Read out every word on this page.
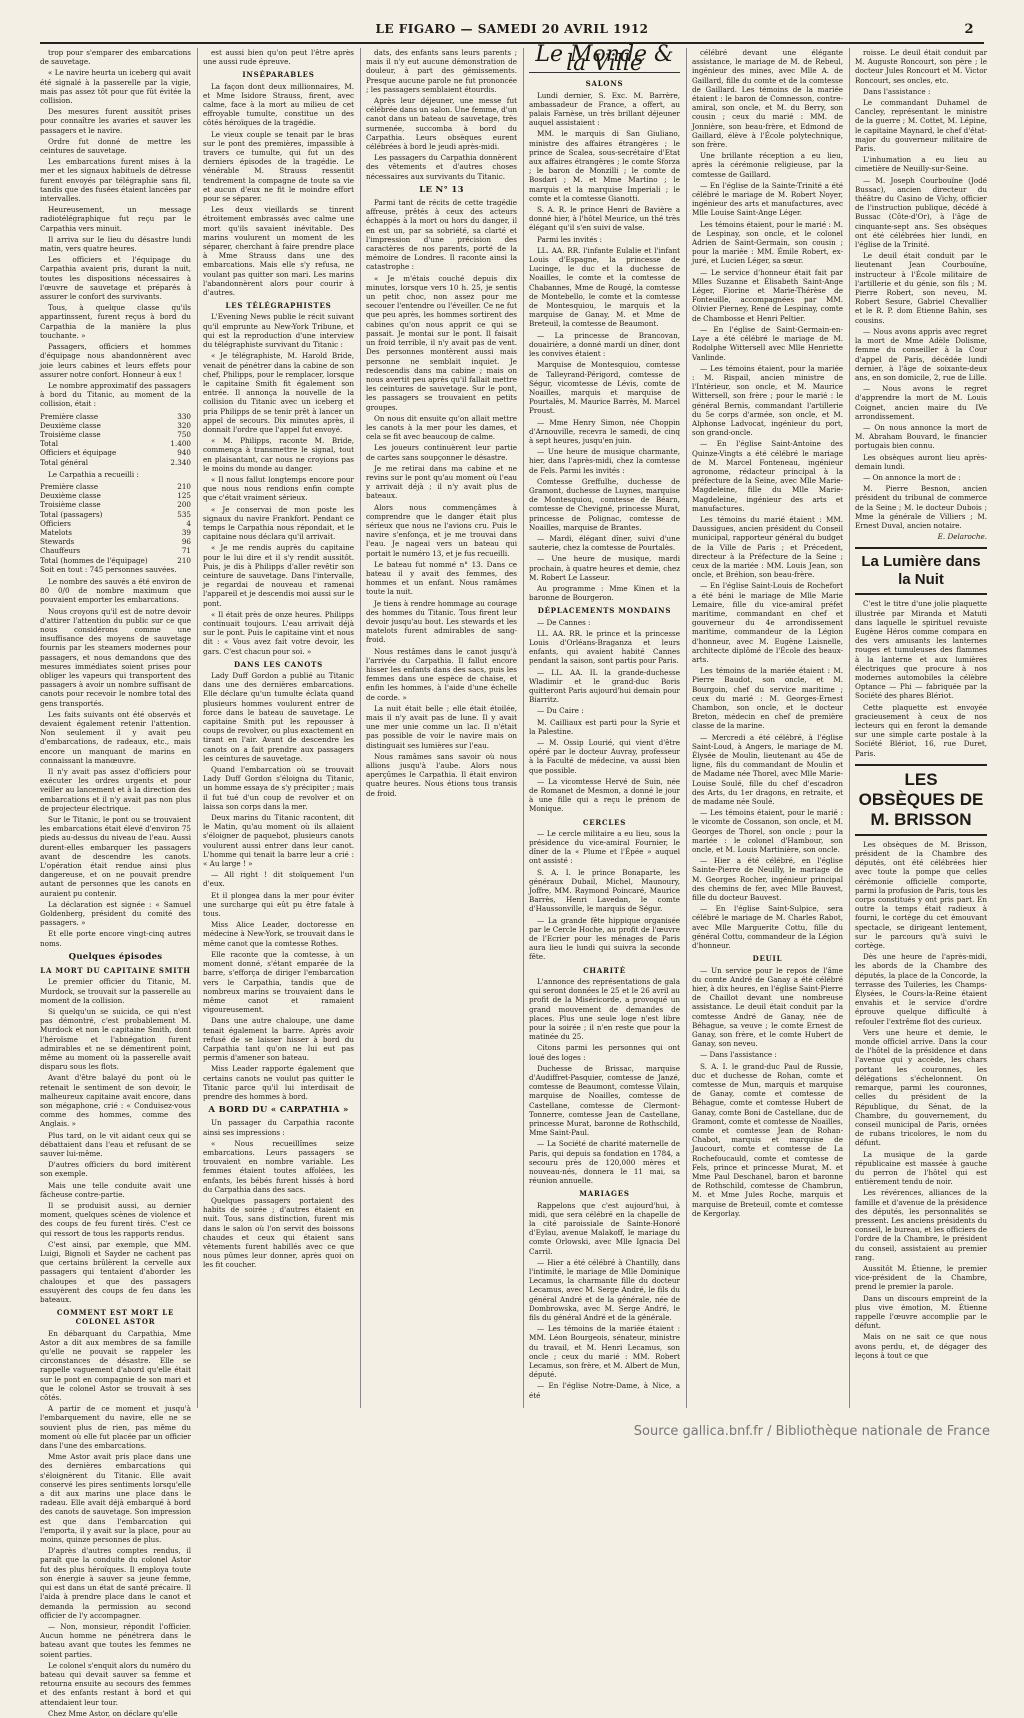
LE FIGARO — SAMEDI 20 AVRIL 1912	2

trop pour s'emparer des embarcations de sauvetage.

« Le navire heurta un iceberg qui avait été signalé à la passerelle par la vigie, mais pas assez tôt pour que fût évitée la collision.

Des mesures furent aussitôt prises pour connaître les avaries et sauver les passagers et le navire.

Ordre fut donné de mettre les ceintures de sauvetage.

Les embarcations furent mises à la mer et les signaux habituels de détresse furent envoyés par télégraphie sans fil, tandis que des fusées étaient lancées par intervalles.

Heureusement, un message radiotélégraphique fut reçu par le Carpathia vers minuit.

Il arriva sur le lieu du désastre lundi matin, vers quatre heures.

Les officiers et l'équipage du Carpathia avaient pris, durant la nuit, toutes les dispositions nécessaires à l'œuvre de sauvetage et préparés à assurer le confort des survivants.

Tous, à quelque classe qu'ils appartinssent, furent reçus à bord du Carpathia de la manière la plus touchante. »

Passagers, officiers et hommes d'équipage nous abandonnèrent avec joie leurs cabines et leurs effets pour assurer notre confort. Honneur à eux !

Le nombre approximatif des passagers à bord du Titanic, au moment de la collision, était :

Première classe	330
Deuxième classe	320
Troisième classe	750
Total	1.400
Officiers et équipage	940
Total général	2.340

Le Carpathia a recueilli :

Première classe	210
Deuxième classe	125
Troisième classe	200
Total (passagers)	535
Officiers	4
Matelots	39
Stewards	96
Chauffeurs	71
Total (hommes de l'équipage)	210
Soit en tout : 745 personnes sauvées.

Le nombre des sauvés a été environ de 80 0/0 de nombre maximum que pouvaient emporter les embarcations.

Nous croyons qu'il est de notre devoir d'attirer l'attention du public sur ce que nous considérons comme une insuffisance des moyens de sauvetage fournis par les steamers modernes pour passagers, et nous demandons que des mesures immédiates soient prises pour obliger les vapeurs qui transportent des passagers à avoir un nombre suffisant de canots pour recevoir le nombre total des gens transportés.

Les faits suivants ont été observés et devaient également retenir l'attention. Non seulement il y avait peu d'embarcations, de radeaux, etc., mais encore un manquant de marins en connaissant la manœuvre.

Il n'y avait pas assez d'officiers pour exécuter les ordres urgents et pour veiller au lancement et à la direction des embarcations et il n'y avait pas non plus de projecteur électrique.

Sur le Titanic, le pont ou se trouvaient les embarcations était élevé d'environ 75 pieds au-dessus du niveau de l'eau. Aussi durent-elles embarquer les passagers avant de descendre les canots. L'opération était rendue ainsi plus dangereuse, et on ne pouvait prendre autant de personnes que les canots en auraient pu contenir.

La déclaration est signée : « Samuel Goldenberg, président du comité des passagers. »

Et elle porte encore vingt-cinq autres noms.

Quelques épisodes
LA MORT DU CAPITAINE SMITH

Le premier officier du Titanic, M. Murdock, se trouvait sur la passerelle au moment de la collision.

Si quelqu'un se suicida, ce qui n'est pas démontré, c'est probablement M. Murdock et non le capitaine Smith, dont l'héroïsme et l'abnégation furent admirables et ne se démentirent point, même au moment où la passerelle avait disparu sous les flots.

Avant d'être balayé du pont où le retenait le sentiment de son devoir, le malheureux capitaine avait encore, dans son mégaphone, crié : « Conduisez-vous comme des hommes, comme des Anglais. »

Plus tard, on le vit aidant ceux qui se débattaient dans l'eau et refusant de se sauver lui-même.

D'autres officiers du bord imitèrent son exemple.

Mais une telle conduite avait une fâcheuse contre-partie.

Il se produisit aussi, au dernier moment, quelques scènes de violence et des coups de feu furent tirés. C'est ce qui ressort de tous les rapports rendus.

C'est ainsi, par exemple, que MM. Luigi, Bignoli et Sayder ne cachent pas que certains brûlèrent la cervelle aux passagers qui tentaient d'aborder les chaloupes et que des passagers essuyèrent des coups de feu dans les bateaux.

COMMENT EST MORT LE COLONEL ASTOR

En débarquant du Carpathia, Mme Astor a dit aux membres de sa famille qu'elle ne pouvait se rappeler les circonstances de désastre. Elle se rappelle vaguement d'abord qu'elle était sur le pont en compagnie de son mari et que le colonel Astor se trouvait à ses côtés.

A partir de ce moment et jusqu'à l'embarquement du navire, elle ne se souvient plus de rien, pas même du moment où elle fut placée par un officier dans l'une des embarcations.

Mme Astor avait pris place dans une des dernières embarcations qui s'éloignèrent du Titanic. Elle avait conservé les pires sentiments lorsqu'elle a dit aux marins une place dans le radeau. Elle avait déjà embarqué à bord des canots de sauvetage. Son impression est que dans l'embarcation qui l'emporta, il y avait sur la place, pour au moins, quinze personnes de plus.

D'après d'autres comptes rendus, il paraît que la conduite du colonel Astor fut des plus héroïques. Il employa toute son énergie à sauver sa jeune femme, qui est dans un état de santé précaire. Il l'aida à prendre place dans le canot et demanda la permission au second officier de l'y accompagner.

— Non, monsieur, répondit l'officier. Aucun homme ne pénétrera dans le bateau avant que toutes les femmes ne soient parties.

Le colonel s'enquit alors du numéro du bateau qui devait sauver sa femme et retourna ensuite au secours des femmes et des enfants restant à bord et qui attendaient leur tour.

Chez Mme Astor, on déclare qu'elle

est aussi bien qu'on peut l'être après une aussi rude épreuve.

INSÉPARABLES

La façon dont deux millionnaires, M. et Mme Isidore Strauss, firent, avec calme, face à la mort au milieu de cet effroyable tumulte, constitue un des côtés héroïques de la tragédie.

Le vieux couple se tenait par le bras sur le pont des premières, impassible à travers ce tumulte, qui fut un des derniers épisodes de la tragédie. Le vénérable M. Strauss ressentit tendrement la compagne de toute sa vie et aucun d'eux ne fit le moindre effort pour se séparer.

Les deux vieillards se tinrent étroitement embrassés avec calme une mort qu'ils savaient inévitable. Des marins voulurent un moment de les séparer, cherchant à faire prendre place à Mme Strauss dans une des embarcations. Mais elle s'y refusa, ne voulant pas quitter son mari. Les marins l'abandonnèrent alors pour courir à d'autres.

LES TÉLÉGRAPHISTES

L'Evening News publie le récit suivant qu'il emprunte au New-York Tribune, et qui est la reproduction d'une interview du télégraphiste survivant du Titanic :

« Je télégraphiste, M. Harold Bride, venait de pénétrer dans la cabine de son chef, Philipps, pour le remplacer, lorsque le capitaine Smith fit également son entrée. Il annonça la nouvelle de la collision du Titanic avec un iceberg et pria Philipps de se tenir prêt à lancer un appel de secours. Dix minutes après, il donnait l'ordre que l'appel fut envoyé.

« M. Philipps, raconte M. Bride, commença à transmettre le signal, tout en plaisantant, car nous ne croyions pas le moins du monde au danger.

« Il nous fallut longtemps encore pour que nous nous rendions enfin compte que c'était vraiment sérieux.

« Je conservai de mon poste les signaux du navire Frankfort. Pendant ce temps le Carpathia nous répondait, et le capitaine nous déclara qu'il arrivait.

« Je me rendis auprès du capitaine pour le lui dire et il s'y rendit aussitôt. Puis, je dis à Philipps d'aller revêtir son ceinture de sauvetage. Dans l'intervalle, je regardai de nouveau et ramenai l'appareil et je descendis moi aussi sur le pont.

« Il était près de onze heures. Philipps continuait toujours. L'eau arrivait déjà sur le pont. Puis le capitaine vint et nous dit : « Vous avez fait votre devoir, les gars. C'est chacun pour soi. »

DANS LES CANOTS

Lady Duff Gordon a publié au Titanic dans une des dernières embarcations. Elle déclare qu'un tumulte éclata quand plusieurs hommes voulurent entrer de force dans le bateau de sauvetage. Le capitaine Smith put les repousser à coups de revolver, ou plus exactement en tirant en l'air. Avant de descendre les canots on a fait prendre aux passagers les ceintures de sauvetage.

Quand l'embarcation où se trouvait Lady Duff Gordon s'éloigna du Titanic, un homme essaya de s'y précipiter ; mais il fut tué d'un coup de revolver et on laissa son corps dans la mer.

Deux marins du Titanic racontent, dit le Matin, qu'au moment où ils allaient s'éloigner de paquebot, plusieurs canots voulurent aussi entrer dans leur canot. L'homme qui tenait la barre leur a crié : « Au large ! »

— All right ! dit stoïquement l'un d'eux.

Et il plongea dans la mer pour éviter une surcharge qui eût pu être fatale à tous.

Miss Alice Leader, doctoresse en médecine à New-York, se trouvait dans le même canot que la comtesse Rothes.

Elle raconte que la comtesse, à un moment donné, s'étant emparée de la barre, s'efforça de diriger l'embarcation vers le Carpathia, tandis que de nombreux marins se trouvaient dans le même canot et ramaient vigoureusement.

Dans une autre chaloupe, une dame tenait également la barre. Après avoir refusé de se laisser hisser à bord du Carpathia tant qu'on ne lui eut pas permis d'amener son bateau.

Miss Leader rapporte également que certains canots ne voulut pas quitter le Titanic parce qu'il lui interdisait de prendre des hommes à bord.

A BORD DU « CARPATHIA »

Un passager du Carpathia raconte ainsi ses impressions :

« Nous recueillîmes seize embarcations. Leurs passagers se trouvaient en nombre variable. Les femmes étaient toutes affolées, les enfants, les bébés furent hissés à bord du Carpathia dans des sacs.

Quelques passagers portaient des habits de soirée ; d'autres étaient en nuit. Tous, sans distinction, furent mis dans le salon où l'on servit des boissons chaudes et ceux qui étaient sans vêtements furent habillés avec ce que nous pûmes leur donner, après quoi on les fit coucher.

dats, des enfants sans leurs parents ; mais il n'y eut aucune démonstration de douleur, à part des gémissements. Presque aucune parole ne fut prononcée ; les passagers semblaient étourdis.

Après leur déjeuner, une messe fut célébrée dans un salon. Une femme, d'un canot dans un bateau de sauvetage, très surmenée, succomba à bord du Carpathia. Leurs obsèques eurent célébrées à bord le jeudi après-midi.

Les passagers du Carpathia donnèrent des vêtements et d'autres choses nécessaires aux survivants du Titanic.

LE N° 13

Parmi tant de récits de cette tragédie affreuse, prêtés à ceux des acteurs échappés à la mort ou hors du danger, il en est un, par sa sobriété, sa clarté et l'impression d'une précision des caractères de nos parents, porté de la mémoire de Londres. Il raconte ainsi la catastrophe :

« Je m'étais couché depuis dix minutes, lorsque vers 10 h. 25, je sentis un petit choc, non assez pour me secouer l'entendre ou l'éveiller. Ce ne fut que peu après, les hommes sortirent des cabines qu'on nous apprit ce qui se passait. Je montai sur le pont. Il faisait un froid terrible, il n'y avait pas de vent. Des personnes montèrent aussi mais personne ne semblait inquiet. Je redescendis dans ma cabine ; mais on nous avertit peu après qu'il fallait mettre les ceintures de sauvetage. Sur le pont, les passagers se trouvaient en petits groupes.

On nous dit ensuite qu'on allait mettre les canots à la mer pour les dames, et cela se fit avec beaucoup de calme.

Les joueurs continuèrent leur partie de cartes sans soupçonner le désastre.

Je me retirai dans ma cabine et ne revins sur le pont qu'au moment où l'eau y arrivait déjà ; il n'y avait plus de bateaux.

Alors nous commençâmes à comprendre que le danger était plus sérieux que nous ne l'avions cru. Puis le navire s'enfonça, et je me trouvai dans l'eau. Je nageai vers un bateau qui portait le numéro 13, et je fus recueilli.

Le bateau fut nommé n° 13. Dans ce bateau il y avait des femmes, des hommes et un enfant. Nous ramâmes toute la nuit.

Je tiens à rendre hommage au courage des hommes du Titanic. Tous firent leur devoir jusqu'au bout. Les stewards et les matelots furent admirables de sang-froid.

Nous restâmes dans le canot jusqu'à l'arrivée du Carpathia. Il fallut encore hisser les enfants dans des sacs, puis les femmes dans une espèce de chaise, et enfin les hommes, à l'aide d'une échelle de corde. »

La nuit était belle ; elle était étoilée, mais il n'y avait pas de lune. Il y avait une mer unie comme un lac. Il n'était pas possible de voir le navire mais on distinguait ses lumières sur l'eau.

Nous ramâmes sans savoir où nous allions jusqu'à l'aube. Alors nous aperçûmes le Carpathia. Il était environ quatre heures. Nous étions tous transis de froid.

Le Monde & la Ville
SALONS

Lundi dernier, S. Exc. M. Barrère, ambassadeur de France, a offert, au palais Farnèse, un très brillant déjeuner auquel assistaient :

MM. le marquis di San Giuliano, ministre des affaires étrangères ; le prince de Scalea, sous-secrétaire d'Etat aux affaires étrangères ; le comte Sforza ; le baron de Monzilli ; le comte de Bosdari ; M. et Mme Martino ; le marquis et la marquise Imperiali ; le comte et la comtesse Gianotti.

S. A. R. le prince Henri de Bavière a donné hier, à l'hôtel Meurice, un thé très élégant qu'il s'en suivi de valse.

Parmi les invités :

LL. AA. RR. l'infante Eulalie et l'infant Louis d'Espagne, la princesse de Lucinge, le duc et la duchesse de Noailles, le comte et la comtesse de Chabannes, Mme de Rougé, la comtesse de Montebello, le comte et la comtesse de Montesquiou, le marquis et la marquise de Ganay, M. et Mme de Breteuil, la comtesse de Beaumont.

— La princesse de Brancovan, douairière, a donné mardi un dîner, dont les convives étaient :

Marquise de Montesquiou, comtesse de Talleyrand-Périgord, comtesse de Ségur, vicomtesse de Lévis, comte de Noailles, marquis et marquise de Pourtalès, M. Maurice Barrès, M. Marcel Proust.

— Mme Henry Simon, née Choppin d'Arnouville, recevra le samedi, de cinq à sept heures, jusqu'en juin.

— Une heure de musique charmante, hier, dans l'après-midi, chez la comtesse de Fels. Parmi les invités :

Comtesse Greffulhe, duchesse de Gramont, duchesse de Luynes, marquise de Montesquiou, comtesse de Béarn, comtesse de Chevigné, princesse Murat, princesse de Polignac, comtesse de Noailles, marquise de Brantes.

— Mardi, élégant dîner, suivi d'une sauterie, chez la comtesse de Pourtalès.

— Une heure de musique, mardi prochain, à quatre heures et demie, chez M. Robert Le Lasseur.

Au programme : Mme Kinen et la baronne de Bourgeron.

DÉPLACEMENTS MONDAINS

— De Cannes :

LL. AA. RR. le prince et la princesse Louis d'Orléans-Braganza et leurs enfants, qui avaient habité Cannes pendant la saison, sont partis pour Paris.

— LL. AA. IL la grande-duchesse Wladimir et le grand-duc Boris quitteront Paris aujourd'hui demain pour Biarritz.

— Du Caire :

M. Cailliaux est parti pour la Syrie et la Palestine.

— M. Ossip Lourié, qui vient d'être opéré par le docteur Auvray, professeur à la Faculté de médecine, va aussi bien que possible.

— La vicomtesse Hervé de Suin, née de Romanet de Mesmon, a donné le jour à une fille qui a reçu le prénom de Monique.

CERCLES

— Le cercle militaire a eu lieu, sous la présidence du vice-amiral Fournier, le dîner de la « Plume et l'Épée » auquel ont assisté :

S. A. I. le prince Bonaparte, les généraux Dubail, Michel, Maunoury, Joffre, MM. Raymond Poincaré, Maurice Barrès, Henri Lavedan, le comte d'Haussonville, le marquis de Ségur.

— La grande fête hippique organisée par le Cercle Hoche, au profit de l'œuvre de l'Ecrier pour les ménages de Paris aura lieu le lundi qui suivra la seconde fête.

CHARITÉ

L'annonce des représentations de gala qui seront données le 25 et le 26 avril au profit de la Miséricorde, a provoqué un grand mouvement de demandes de places. Plus une seule loge n'est libre pour la soirée ; il n'en reste que pour la matinée du 25.

Citons parmi les personnes qui ont loué des loges :

Duchesse de Brissac, marquise d'Audiffret-Pasquier, comtesse de Janzé, comtesse de Beaumont, comtesse Vilain, marquise de Noailles, comtesse de Castellane, comtesse de Clermont-Tonnerre, comtesse Jean de Castellane, princesse Murat, baronne de Rothschild, Mme Saint-Paul.

— La Société de charité maternelle de Paris, qui depuis sa fondation en 1784, a secouru près de 120,000 mères et nouveau-nés, donnera le 11 mai, sa réunion annuelle.

MARIAGES

Rappelons que c'est aujourd'hui, à midi, que sera célébré en la chapelle de la cité paroissiale de Sainte-Honoré d'Eylau, avenue Malakoff, le mariage du comte Orlowski, avec Mlle Ignacia Del Carril.

— Hier a été célébré à Chantilly, dans l'intimité, le mariage de Mlle Dominique Lecamus, la charmante fille du docteur Lecamus, avec M. Serge André, le fils du général André et de la générale, née de Dombrowska, avec M. Serge André, le fils du général André et de la générale.

— Les témoins de la mariée étaient : MM. Léon Bourgeois, sénateur, ministre du travail, et M. Henri Lecamus, son oncle ; ceux du marié : MM. Robert Lecamus, son frère, et M. Albert de Mun, député.

— En l'église Notre-Dame, à Nice, a été

célébré devant une élégante assistance, le mariage de M. de Rebeul, ingénieur des mines, avec Mlle A. de Gaillard, fille du comte et de la comtesse de Gaillard. Les témoins de la mariée étaient : le baron de Comnesson, contre-amiral, son oncle, et M. du Berry, son cousin ; ceux du marié : MM. de Jonnière, son beau-frère, et Edmond de Gaillard, élève à l'École polytechnique, son frère.

Une brillante réception a eu lieu, après la cérémonie religieuse, par la comtesse de Gaillard.

— En l'église de la Sainte-Trinité a été célébré le mariage de M. Robert Noyer, ingénieur des arts et manufactures, avec Mlle Louise Saint-Ange Léger.

Les témoins étaient, pour le marié : M. de Lespinay, son oncle, et le colonel Adrien de Saint-Germain, son cousin ; pour la mariée : MM. Émile Robert, ex-juré, et Lucien Léger, sa sœur.

— Le service d'honneur était fait par Mlles Suzanne et Élisabeth Saint-Ange Léger, Fiorine et Marie-Thérèse de Fonteuille, accompagnées par MM. Olivier Pierney, René de Lespinay, comte de Chambosse et Henri Peltier.

— En l'église de Saint-Germain-en-Laye a été célébré le mariage de M. Rodolphe Wittersell avec Mlle Henriette Vanlinde.

— Les témoins étaient, pour la mariée : M. Rispail, ancien ministre de l'Intérieur, son oncle, et M. Maurice Wittersell, son frère ; pour le marié : le général Bernis, commandant l'artillerie du 5e corps d'armée, son oncle, et M. Alphonse Ladvocat, ingénieur du port, son grand-oncle.

— En l'église Saint-Antoine des Quinze-Vingts a été célébré le mariage de M. Marcel Fonteneau, ingénieur agronome, rédacteur principal à la préfecture de la Seine, avec Mlle Marie-Magdeleine, fille du Mlle Marie-Magdeleine, ingénieur des arts et manufactures.

Les témoins du marié étaient : MM. Daussigues, ancien président du Conseil municipal, rapporteur général du budget de la Ville de Paris ; et Précedent, directeur à la Préfecture de la Seine ; ceux de la mariée : MM. Louis Jean, son oncle, et Bréhion, son beau-frère.

— En l'église Saint-Louis de Rochefort a été béni le mariage de Mlle Marie Lemaire, fille du vice-amiral préfet maritime, commandant en chef et gouverneur du 4e arrondissement maritime, commandeur de la Légion d'honneur, avec M. Eugène Laisnelle, architecte diplômé de l'École des beaux-arts.

Les témoins de la mariée étaient : M. Pierre Baudot, son oncle, et M. Bourgoin, chef du service maritime ; ceux du marié : M. Georges-Ernest Chambon, son oncle, et le docteur Breton, médecin en chef de première classe de la marine.

— Mercredi a été célébré, à l'église Saint-Loud, à Angers, le mariage de M. Élysée de Moulin, lieutenant au 45e de ligne, fils du commandant de Moulin et de Madame née Thorel, avec Mlle Marie-Louise Soulé, fille du chef d'escadron des Arts, du 1er dragons, en retraite, et de madame née Soulé.

— Les témoins étaient, pour le marié : le vicomte de Cossanon, son oncle, et M. Georges de Thorel, son oncle ; pour la mariée : le colonel d'Hambour, son oncle, et M. Louis Martinière, son oncle.

— Hier a été célébré, en l'église Sainte-Pierre de Neuilly, le mariage de M. Georges Rocher, ingénieur principal des chemins de fer, avec Mlle Bauvest, fille du docteur Bauvest.

— En l'église Saint-Sulpice, sera célébré le mariage de M. Charles Rabot, avec Mlle Marguerite Cottu, fille du général Cottu, commandeur de la Légion d'honneur.

DEUIL

— Un service pour le repos de l'âme du comte André de Ganay a été célébré hier, à dix heures, en l'église Saint-Pierre de Chaillot devant une nombreuse assistance. Le deuil était conduit par la comtesse André de Ganay, née de Béhague, sa veuve ; le comte Ernest de Ganay, son frère, et le comte Hubert de Ganay, son neveu.

— Dans l'assistance :

S. A. I. le grand-duc Paul de Russie, duc et duchesse de Rohan, comte et comtesse de Mun, marquis et marquise de Ganay, comte et comtesse de Béhague, comte et comtesse Hubert de Ganay, comte Boni de Castellane, duc de Gramont, comte et comtesse de Noailles, comte et comtesse Jean de Rohan-Chabot, marquis et marquise de Jaucourt, comte et comtesse de La Rochefoucauld, comte et comtesse de Fels, prince et princesse Murat, M. et Mme Paul Deschanel, baron et baronne de Rothschild, comtesse de Chambrun, M. et Mme Jules Roche, marquis et marquise de Breteuil, comte et comtesse de Kergorlay.

roisse. Le deuil était conduit par M. Auguste Roncourt, son père ; le docteur Jules Roncourt et M. Victor Roncourt, ses oncles, etc.

Dans l'assistance :

Le commandant Duhamel de Cancley, représentant le ministre de la guerre ; M. Cottet, M. Lépine, le capitaine Maynard, le chef d'état-major du gouverneur militaire de Paris.

L'inhumation a eu lieu au cimetière de Neuilly-sur-Seine.

— M. Joseph Courbouïne (Jodé Bussac), ancien directeur du théâtre du Casino de Vichy, officier de l'instruction publique, décédé à Bussac (Côte-d'Or), à l'âge de cinquante-sept ans. Ses obsèques ont été célébrées hier lundi, en l'église de la Trinité.

Le deuil était conduit par le lieutenant Jean Courbouïne, instructeur à l'École militaire de l'artillerie et du génie, son fils ; M. Pierre Robert, son neveu, M. Robert Sesure, Gabriel Chevallier et le R. P. dom Etienne Bahin, ses cousins.

— Nous avons appris avec regret la mort de Mme Adèle Dolisme, femme du conseiller à la Cour d'appel de Paris, décédée lundi dernier, à l'âge de soixante-deux ans, en son domicile, 2, rue de Lille.

— Nous avons le regret d'apprendre la mort de M. Louis Coignet, ancien maire du IVe arrondissement.

— On nous annonce la mort de M. Abraham Bouvard, le financier portugais bien connu.

Les obsèques auront lieu après-demain lundi.

— On annonce la mort de :

M. Pierre Besnon, ancien président du tribunal de commerce de la Seine ; M. le docteur Dubois ; Mme la générale de Villiers ; M. Ernest Duval, ancien notaire.

E. Delaroche.
La Lumière dans la Nuit

C'est le titre d'une jolie plaquette illustrée par Miranda et Matuti dans laquelle le spirituel revuiste Eugène Héros comme compara en des vers amusants les lanternes rouges et tumuleuses des flammes à la lanterne et aux lumières électriques que procure à nos modernes automobiles la célèbre Optance — Phi — fabriquée par la Société des phares Blériot.

Cette plaquette est envoyée gracieusement à ceux de nos lecteurs qui en feront la demande sur une simple carte postale à la Société Blériot, 16, rue Duret, Paris.

LES OBSÈQUES DE M. BRISSON

Les obsèques de M. Brisson, président de la Chambre des députés, ont été célébrées hier avec toute la pompe que celles cérémonie officielle comporte, parmi la profusion de Paris, tous les corps constitués y ont pris part. En outre la temps était radieux à fourni, le cortège du cet émouvant spectacle, se dirigeant lentement, sur le parcours qu'à suivi le cortège.

Dès une heure de l'après-midi, les abords de la Chambre des députés, la place de la Concorde, la terrasse des Tuileries, les Champs-Élysées, le Cours-la-Reine étaient envahis et le service d'ordre éprouve quelque difficulté à refouler l'extrême flot des curieux.

Vers une heure et demie, le monde officiel arrive. Dans la cour de l'hôtel de la présidence et dans l'avenue qui y accède, les chars portant les couronnes, les délégations s'échelonnent. On remarque, parmi les couronnes, celles du président de la République, du Sénat, de la Chambre, du gouvernement, du conseil municipal de Paris, ornées de rubans tricolores, le nom du défunt.

La musique de la garde républicaine est massée à gauche du perron de l'hôtel qui est entièrement tendu de noir.

Les révérences, alliances de la famille et d'avenue de la présidence des députés, les personnalités se pressent. Les anciens présidents du conseil, le bureau, et les officiers de l'ordre de la Chambre, le président du conseil, assistaient au premier rang.

Aussitôt M. Étienne, le premier vice-président de la Chambre, prend le premier la parole.

Dans un discours empreint de la plus vive émotion, M. Étienne rappelle l'œuvre accomplie par le défunt.

Mais on ne sait ce que nous avons perdu, et, de dégager des leçons à tout ce que

Source gallica.bnf.fr / Bibliothèque nationale de France
